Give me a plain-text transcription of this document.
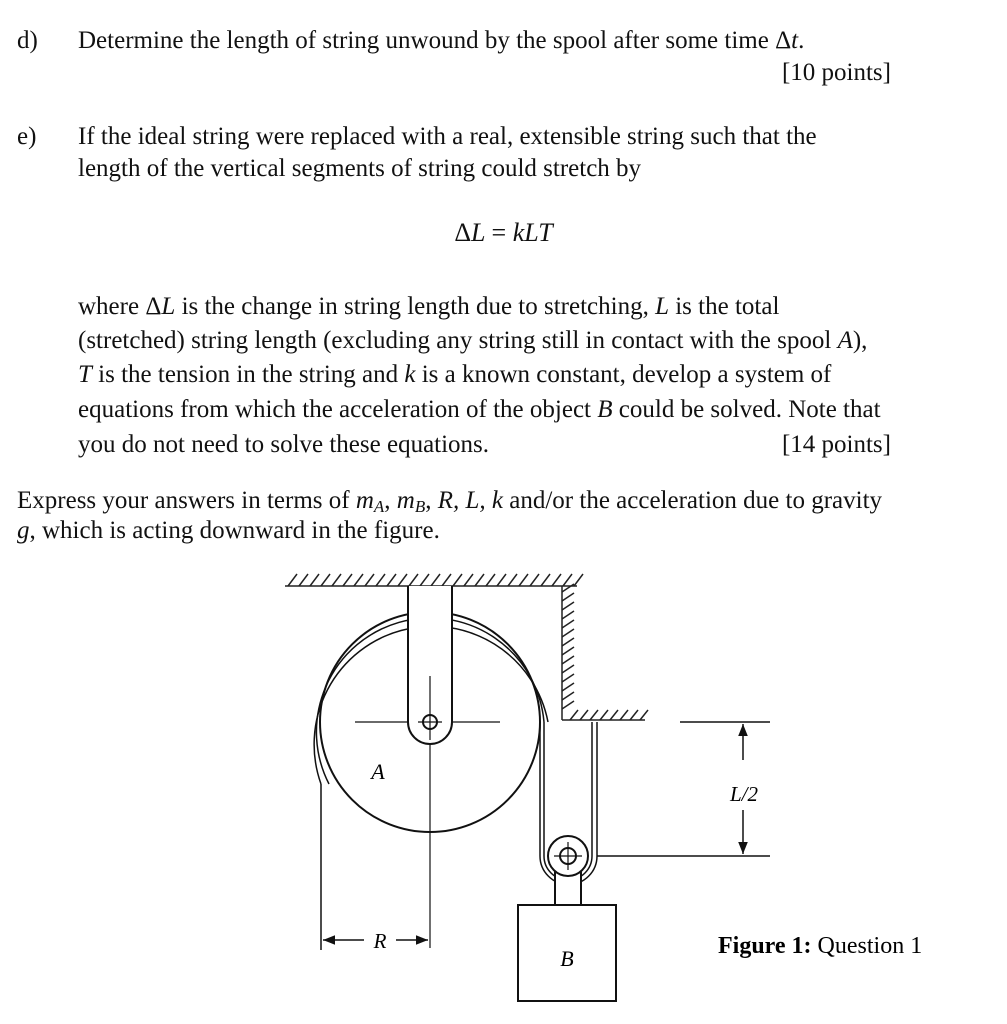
d) Determine the length of string unwound by the spool after some time Δt.
[10 points]
e) If the ideal string were replaced with a real, extensible string such that the
length of the vertical segments of string could stretch by
ΔL = kLT
where ΔL is the change in string length due to stretching, L is the total
(stretched) string length (excluding any string still in contact with the spool A),
T is the tension in the string and k is a known constant, develop a system of
equations from which the acceleration of the object B could be solved. Note that
you do not need to solve these equations.	[14 points]
Express your answers in terms of $m_A$, $m_B$, R, L, k and/or the acceleration due to gravity
g, which is acting downward in the figure.
A
B
R
L/2
Figure 1: Question 1
